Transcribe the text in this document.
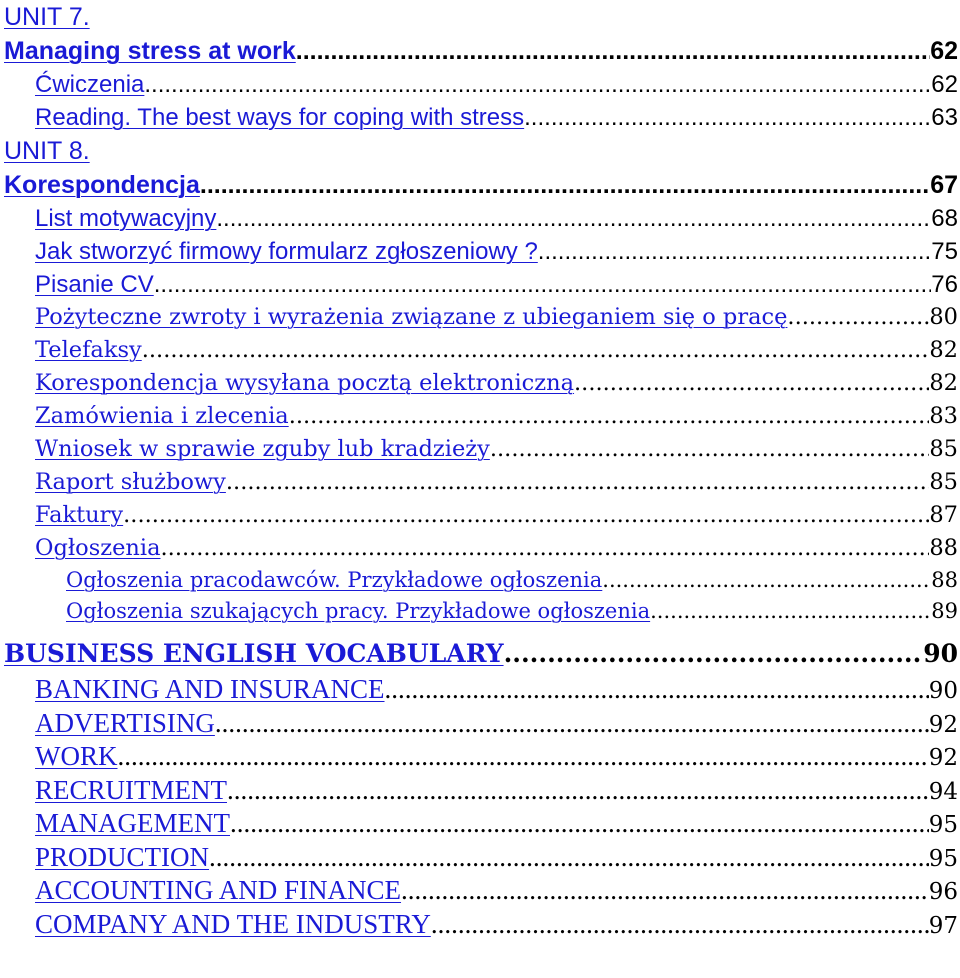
UNIT 7.
Managing stress at work .....	62
Ćwiczenia .....	62
Reading. The best ways for coping with stress .....	63
UNIT 8.
Korespondencja .....	67
List motywacyjny .....	68
Jak stworzyć firmowy formularz zgłoszeniowy ? .....	75
Pisanie CV .....	76
Pożyteczne zwroty i wyrażenia związane z ubieganiem się o pracę .....	80
Telefaksy .....	82
Korespondencja wysyłana pocztą elektroniczną .....	82
Zamówienia i zlecenia .....	83
Wniosek w sprawie zguby lub kradzieży .....	85
Raport służbowy .....	85
Faktury .....	87
Ogłoszenia .....	88
Ogłoszenia pracodawców. Przykładowe ogłoszenia .....	88
Ogłoszenia szukających pracy. Przykładowe ogłoszenia .....	89
BUSINESS ENGLISH VOCABULARY .....	90
BANKING AND INSURANCE .....	90
ADVERTISING .....	92
WORK .....	92
RECRUITMENT .....	94
MANAGEMENT .....	95
PRODUCTION .....	95
ACCOUNTING AND FINANCE .....	96
COMPANY AND THE INDUSTRY .....	97
